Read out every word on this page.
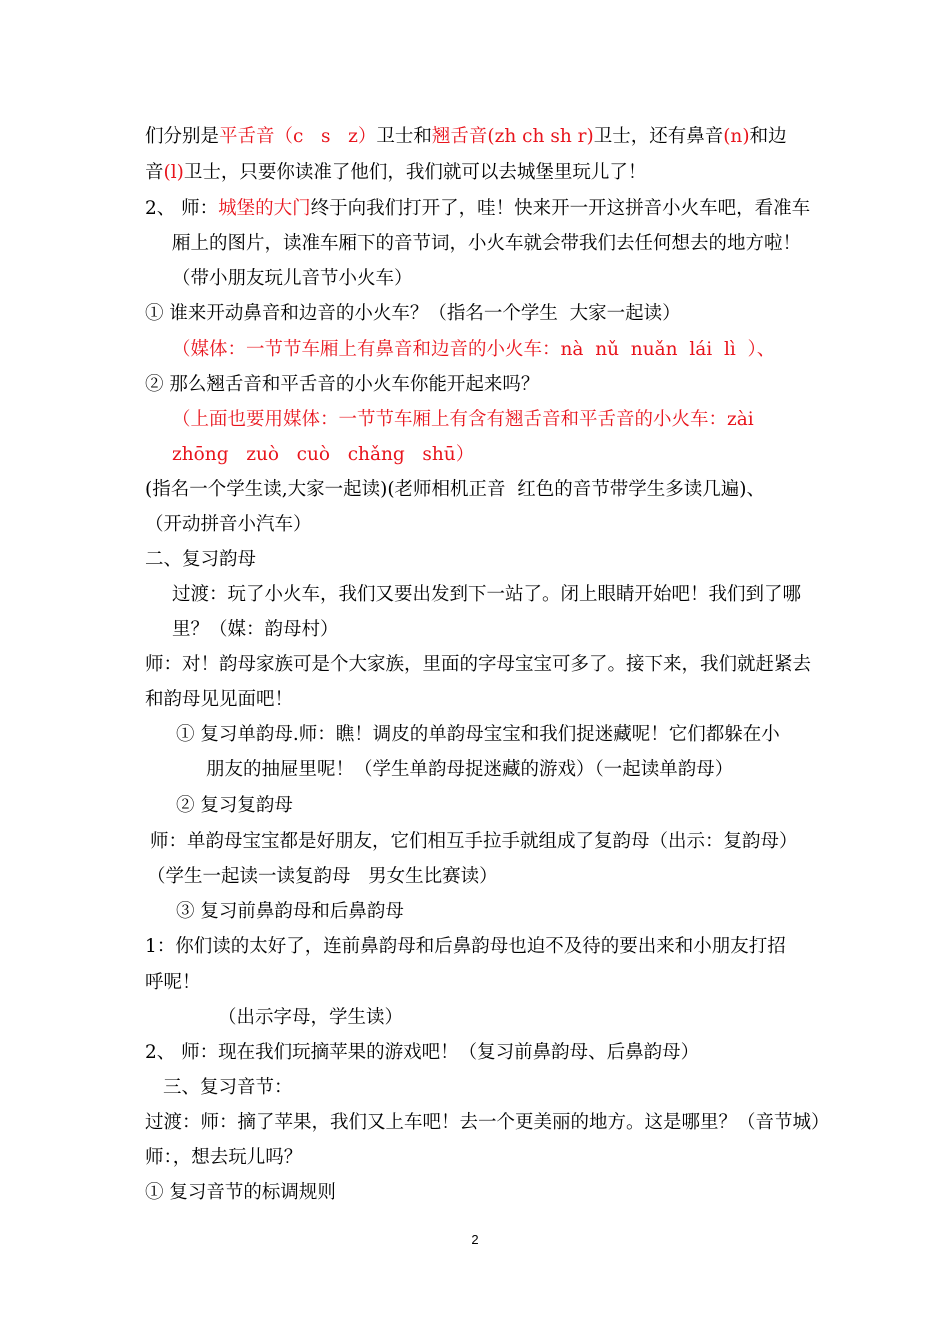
们分别是平舌音（c   s   z）卫士和翘舌音(zh ch sh r)卫士，还有鼻音(n)和边
音(l)卫士，只要你读准了他们，我们就可以去城堡里玩儿了！
2、 师：城堡的大门终于向我们打开了，哇！快来开一开这拼音小火车吧，看准车
厢上的图片，读准车厢下的音节词，小火车就会带我们去任何想去的地方啦！
（带小朋友玩儿音节小火车）
① 谁来开动鼻音和边音的小火车？（指名一个学生  大家一起读）
（媒体：一节节车厢上有鼻音和边音的小火车：nà  nǔ  nuǎn  lái  lì  ）、
② 那么翘舌音和平舌音的小火车你能开起来吗？
（上面也要用媒体：一节节车厢上有含有翘舌音和平舌音的小火车：zài
zhōng   zuò   cuò   chǎng   shū）
(指名一个学生读,大家一起读)(老师相机正音  红色的音节带学生多读几遍)、
（开动拼音小汽车）
二、复习韵母
过渡：玩了小火车，我们又要出发到下一站了。闭上眼睛开始吧！我们到了哪
里？（媒：韵母村）
师：对！韵母家族可是个大家族，里面的字母宝宝可多了。接下来，我们就赶紧去
和韵母见见面吧！
① 复习单韵母.师：瞧！调皮的单韵母宝宝和我们捉迷藏呢！它们都躲在小
朋友的抽屉里呢！（学生单韵母捉迷藏的游戏）（一起读单韵母）
② 复习复韵母
师：单韵母宝宝都是好朋友，它们相互手拉手就组成了复韵母（出示：复韵母）
（学生一起读一读复韵母   男女生比赛读）
③ 复习前鼻韵母和后鼻韵母
1：你们读的太好了，连前鼻韵母和后鼻韵母也迫不及待的要出来和小朋友打招
呼呢！
（出示字母，学生读）
2、 师：现在我们玩摘苹果的游戏吧！（复习前鼻韵母、后鼻韵母）
三、复习音节：
过渡：师：摘了苹果，我们又上车吧！去一个更美丽的地方。这是哪里？（音节城）
师：，想去玩儿吗？
① 复习音节的标调规则
2
